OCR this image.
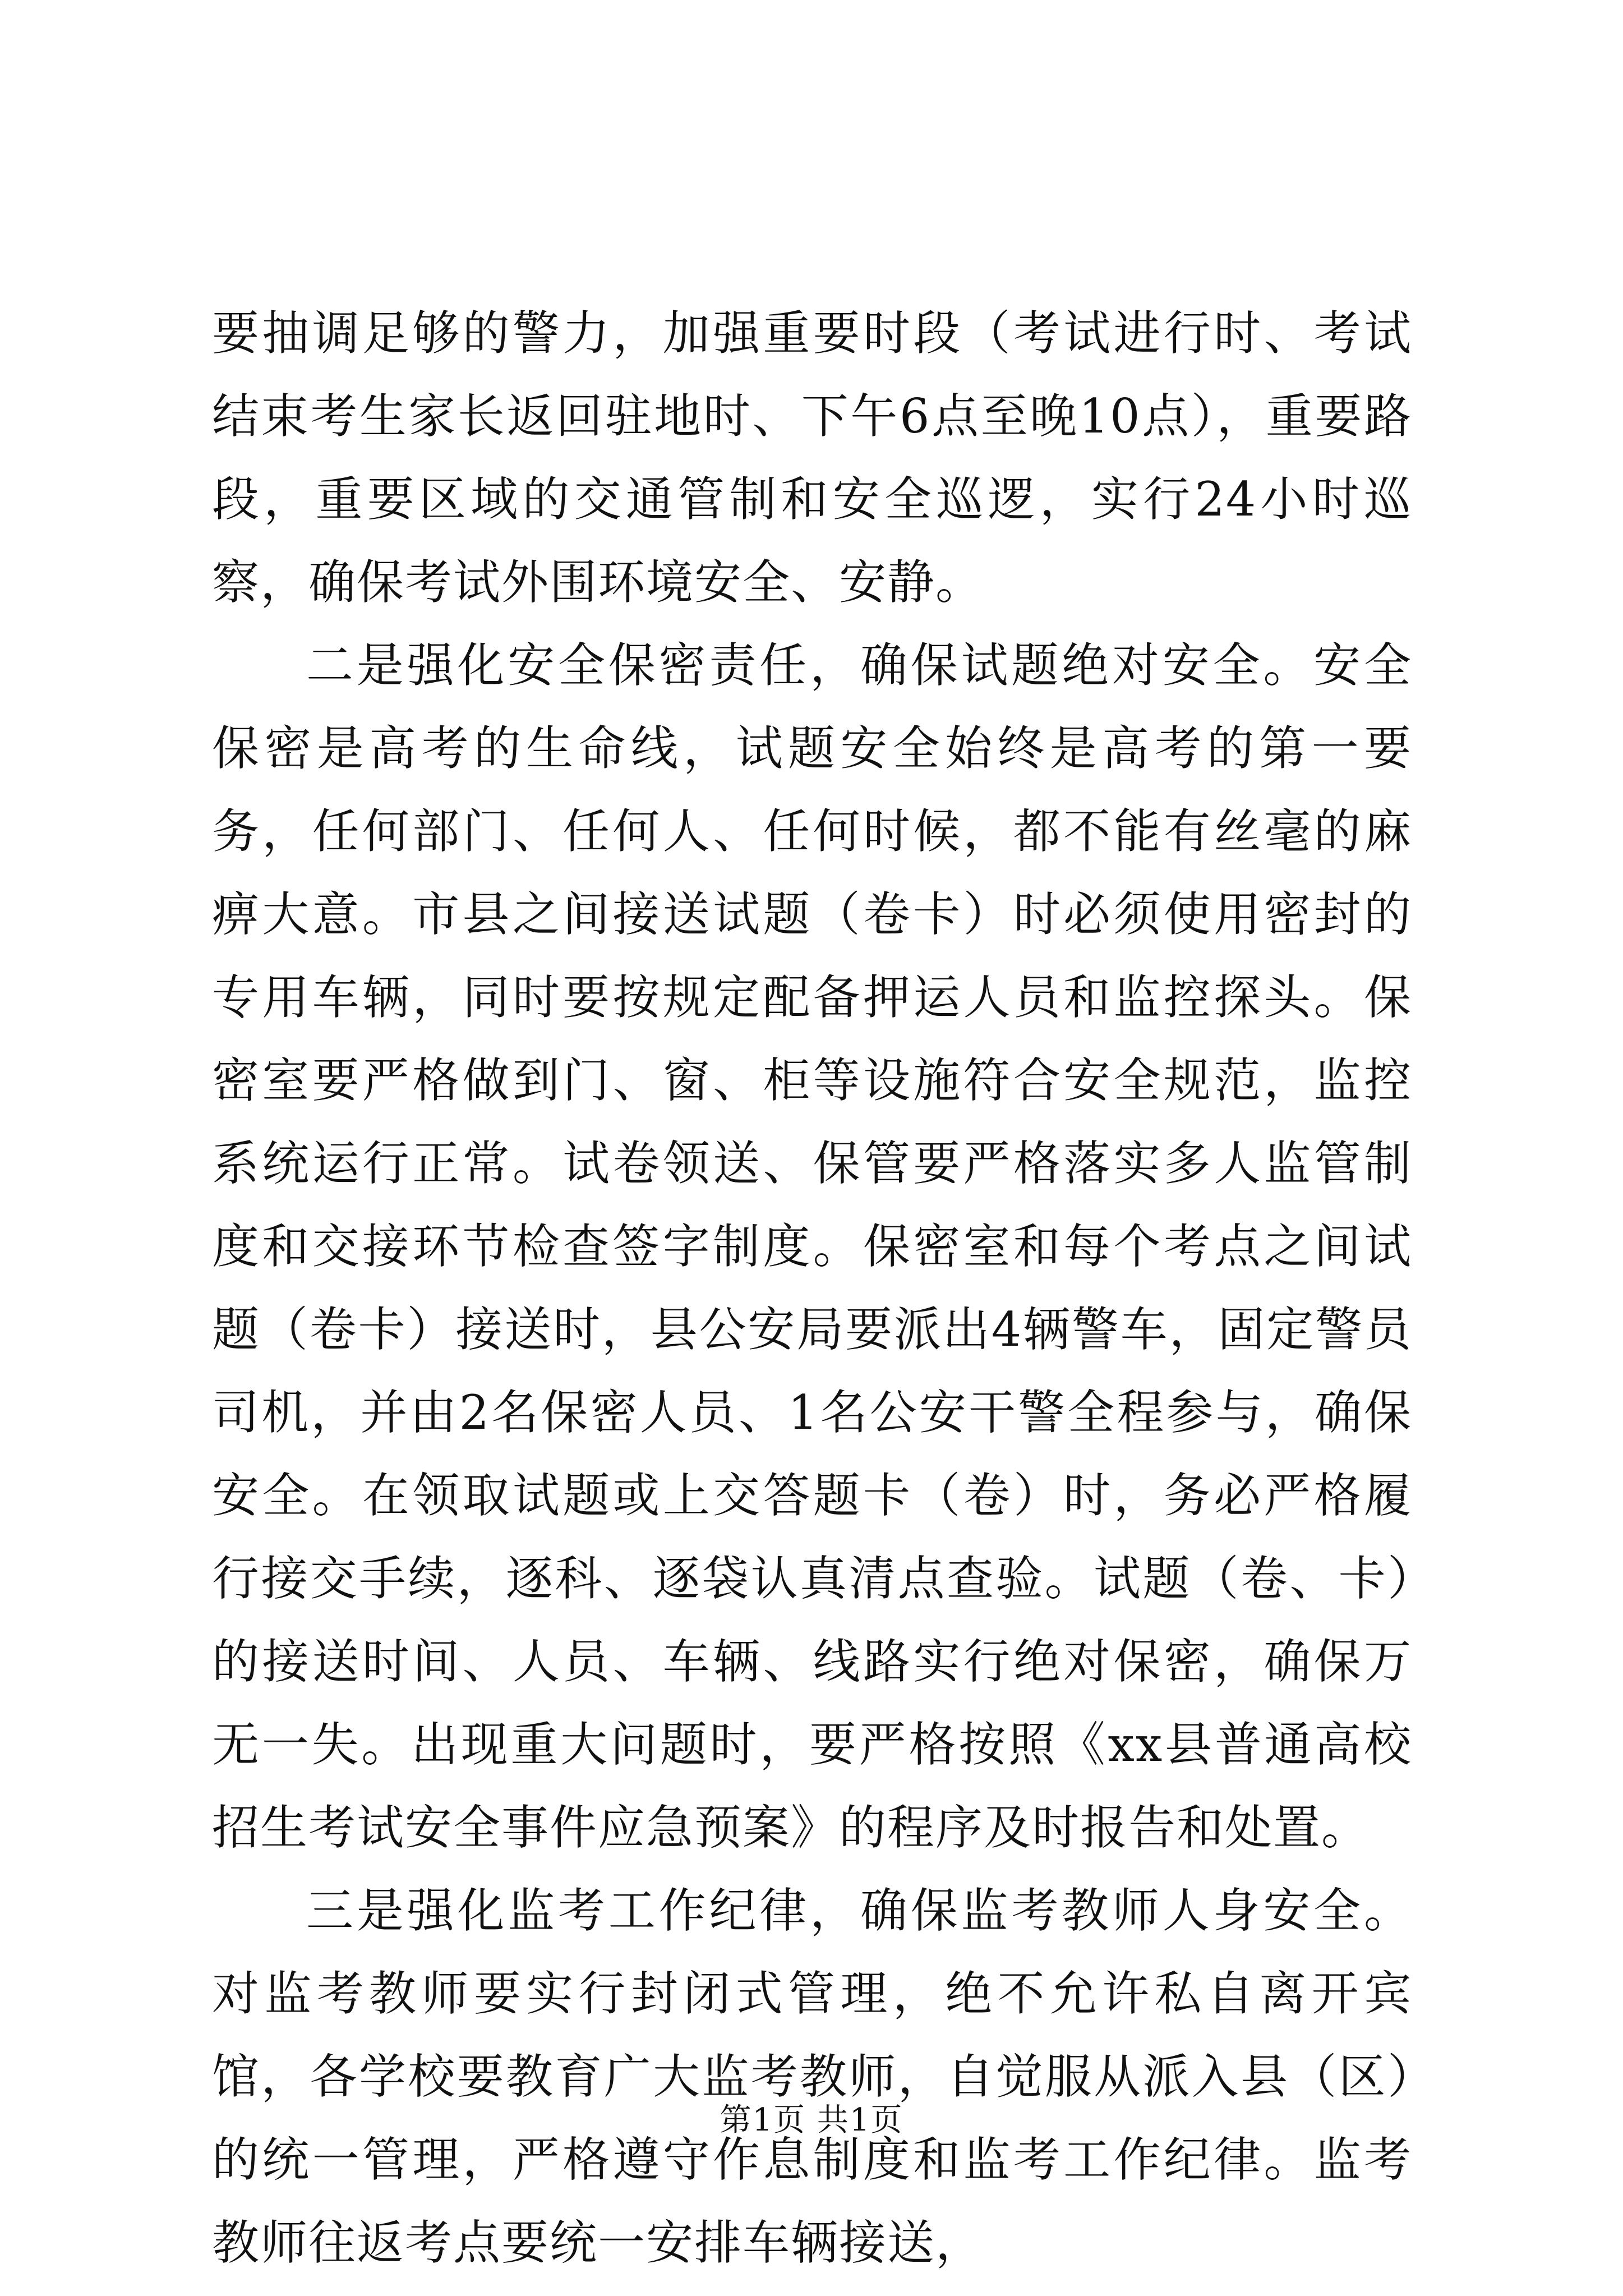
要抽调足够的警力，加强重要时段（考试进行时、考试结束考生家长返回驻地时、下午6点至晚10点），重要路段，重要区域的交通管制和安全巡逻，实行24小时巡察，确保考试外围环境安全、安静。

二是强化安全保密责任，确保试题绝对安全。安全保密是高考的生命线，试题安全始终是高考的第一要务，任何部门、任何人、任何时候，都不能有丝毫的麻痹大意。市县之间接送试题（卷卡）时必须使用密封的专用车辆，同时要按规定配备押运人员和监控探头。保密室要严格做到门、窗、柜等设施符合安全规范，监控系统运行正常。试卷领送、保管要严格落实多人监管制度和交接环节检查签字制度。保密室和每个考点之间试题（卷卡）接送时，县公安局要派出4辆警车，固定警员司机，并由2名保密人员、1名公安干警全程参与，确保安全。在领取试题或上交答题卡（卷）时，务必严格履行接交手续，逐科、逐袋认真清点查验。试题（卷、卡）的接送时间、人员、车辆、线路实行绝对保密，确保万无一失。出现重大问题时，要严格按照《xx县普通高校招生考试安全事件应急预案》的程序及时报告和处置。

三是强化监考工作纪律，确保监考教师人身安全。对监考教师要实行封闭式管理，绝不允许私自离开宾馆，各学校要教育广大监考教师，自觉服从派入县（区）的统一管理，严格遵守作息制度和监考工作纪律。监考教师往返考点要统一安排车辆接送，

第1页 共1页
